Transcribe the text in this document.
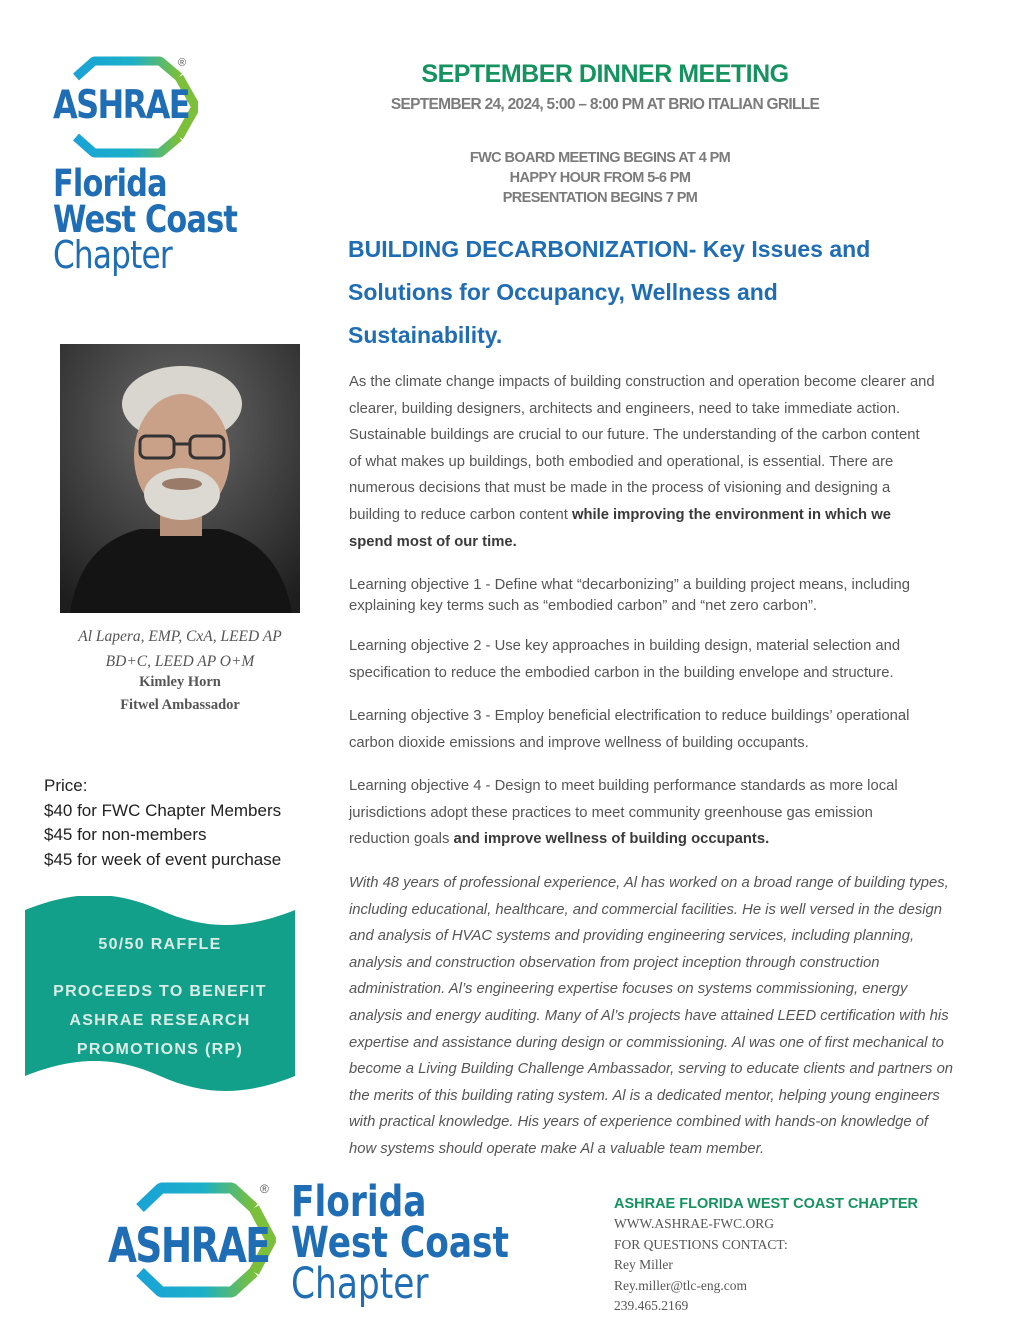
®
ASHRAE
Florida
West Coast
Chapter
SEPTEMBER DINNER MEETING
SEPTEMBER 24, 2024, 5:00 – 8:00 PM AT BRIO ITALIAN GRILLE
FWC BOARD MEETING BEGINS AT 4 PM
HAPPY HOUR FROM 5-6 PM
PRESENTATION BEGINS 7 PM
BUILDING DECARBONIZATION- Key Issues and
Solutions for Occupancy, Wellness and
Sustainability.
As the climate change impacts of building construction and operation become clearer and
clearer, building designers, architects and engineers, need to take immediate action.
Sustainable buildings are crucial to our future. The understanding of the carbon content
of what makes up buildings, both embodied and operational, is essential. There are
numerous decisions that must be made in the process of visioning and designing a
building to reduce carbon content while improving the environment in which we
spend most of our time.
Learning objective 1 - Define what “decarbonizing” a building project means, including
explaining key terms such as “embodied carbon” and “net zero carbon”.
Learning objective 2 - Use key approaches in building design, material selection and
specification to reduce the embodied carbon in the building envelope and structure.
Learning objective 3 - Employ beneficial electrification to reduce buildings’ operational
carbon dioxide emissions and improve wellness of building occupants.
Learning objective 4 - Design to meet building performance standards as more local
jurisdictions adopt these practices to meet community greenhouse gas emission
reduction goals and improve wellness of building occupants.
With 48 years of professional experience, Al has worked on a broad range of building types,
including educational, healthcare, and commercial facilities. He is well versed in the design
and analysis of HVAC systems and providing engineering services, including planning,
analysis and construction observation from project inception through construction
administration. Al’s engineering expertise focuses on systems commissioning, energy
analysis and energy auditing. Many of Al’s projects have attained LEED certification with his
expertise and assistance during design or commissioning. Al was one of first mechanical to
become a Living Building Challenge Ambassador, serving to educate clients and partners on
the merits of this building rating system. Al is a dedicated mentor, helping young engineers
with practical knowledge. His years of experience combined with hands-on knowledge of
how systems should operate make Al a valuable team member.
Al Lapera, EMP, CxA, LEED AP
BD+C, LEED AP O+M
Kimley Horn
Fitwel Ambassador
Price:
$40 for FWC Chapter Members
$45 for non-members
$45 for week of event purchase
50/50 RAFFLE
PROCEEDS TO BENEFIT
ASHRAE RESEARCH
PROMOTIONS (RP)
®
ASHRAE
Florida
West Coast
Chapter
ASHRAE FLORIDA WEST COAST CHAPTER
WWW.ASHRAE-FWC.ORG
FOR QUESTIONS CONTACT:
Rey Miller
Rey.miller@tlc-eng.com
239.465.2169
